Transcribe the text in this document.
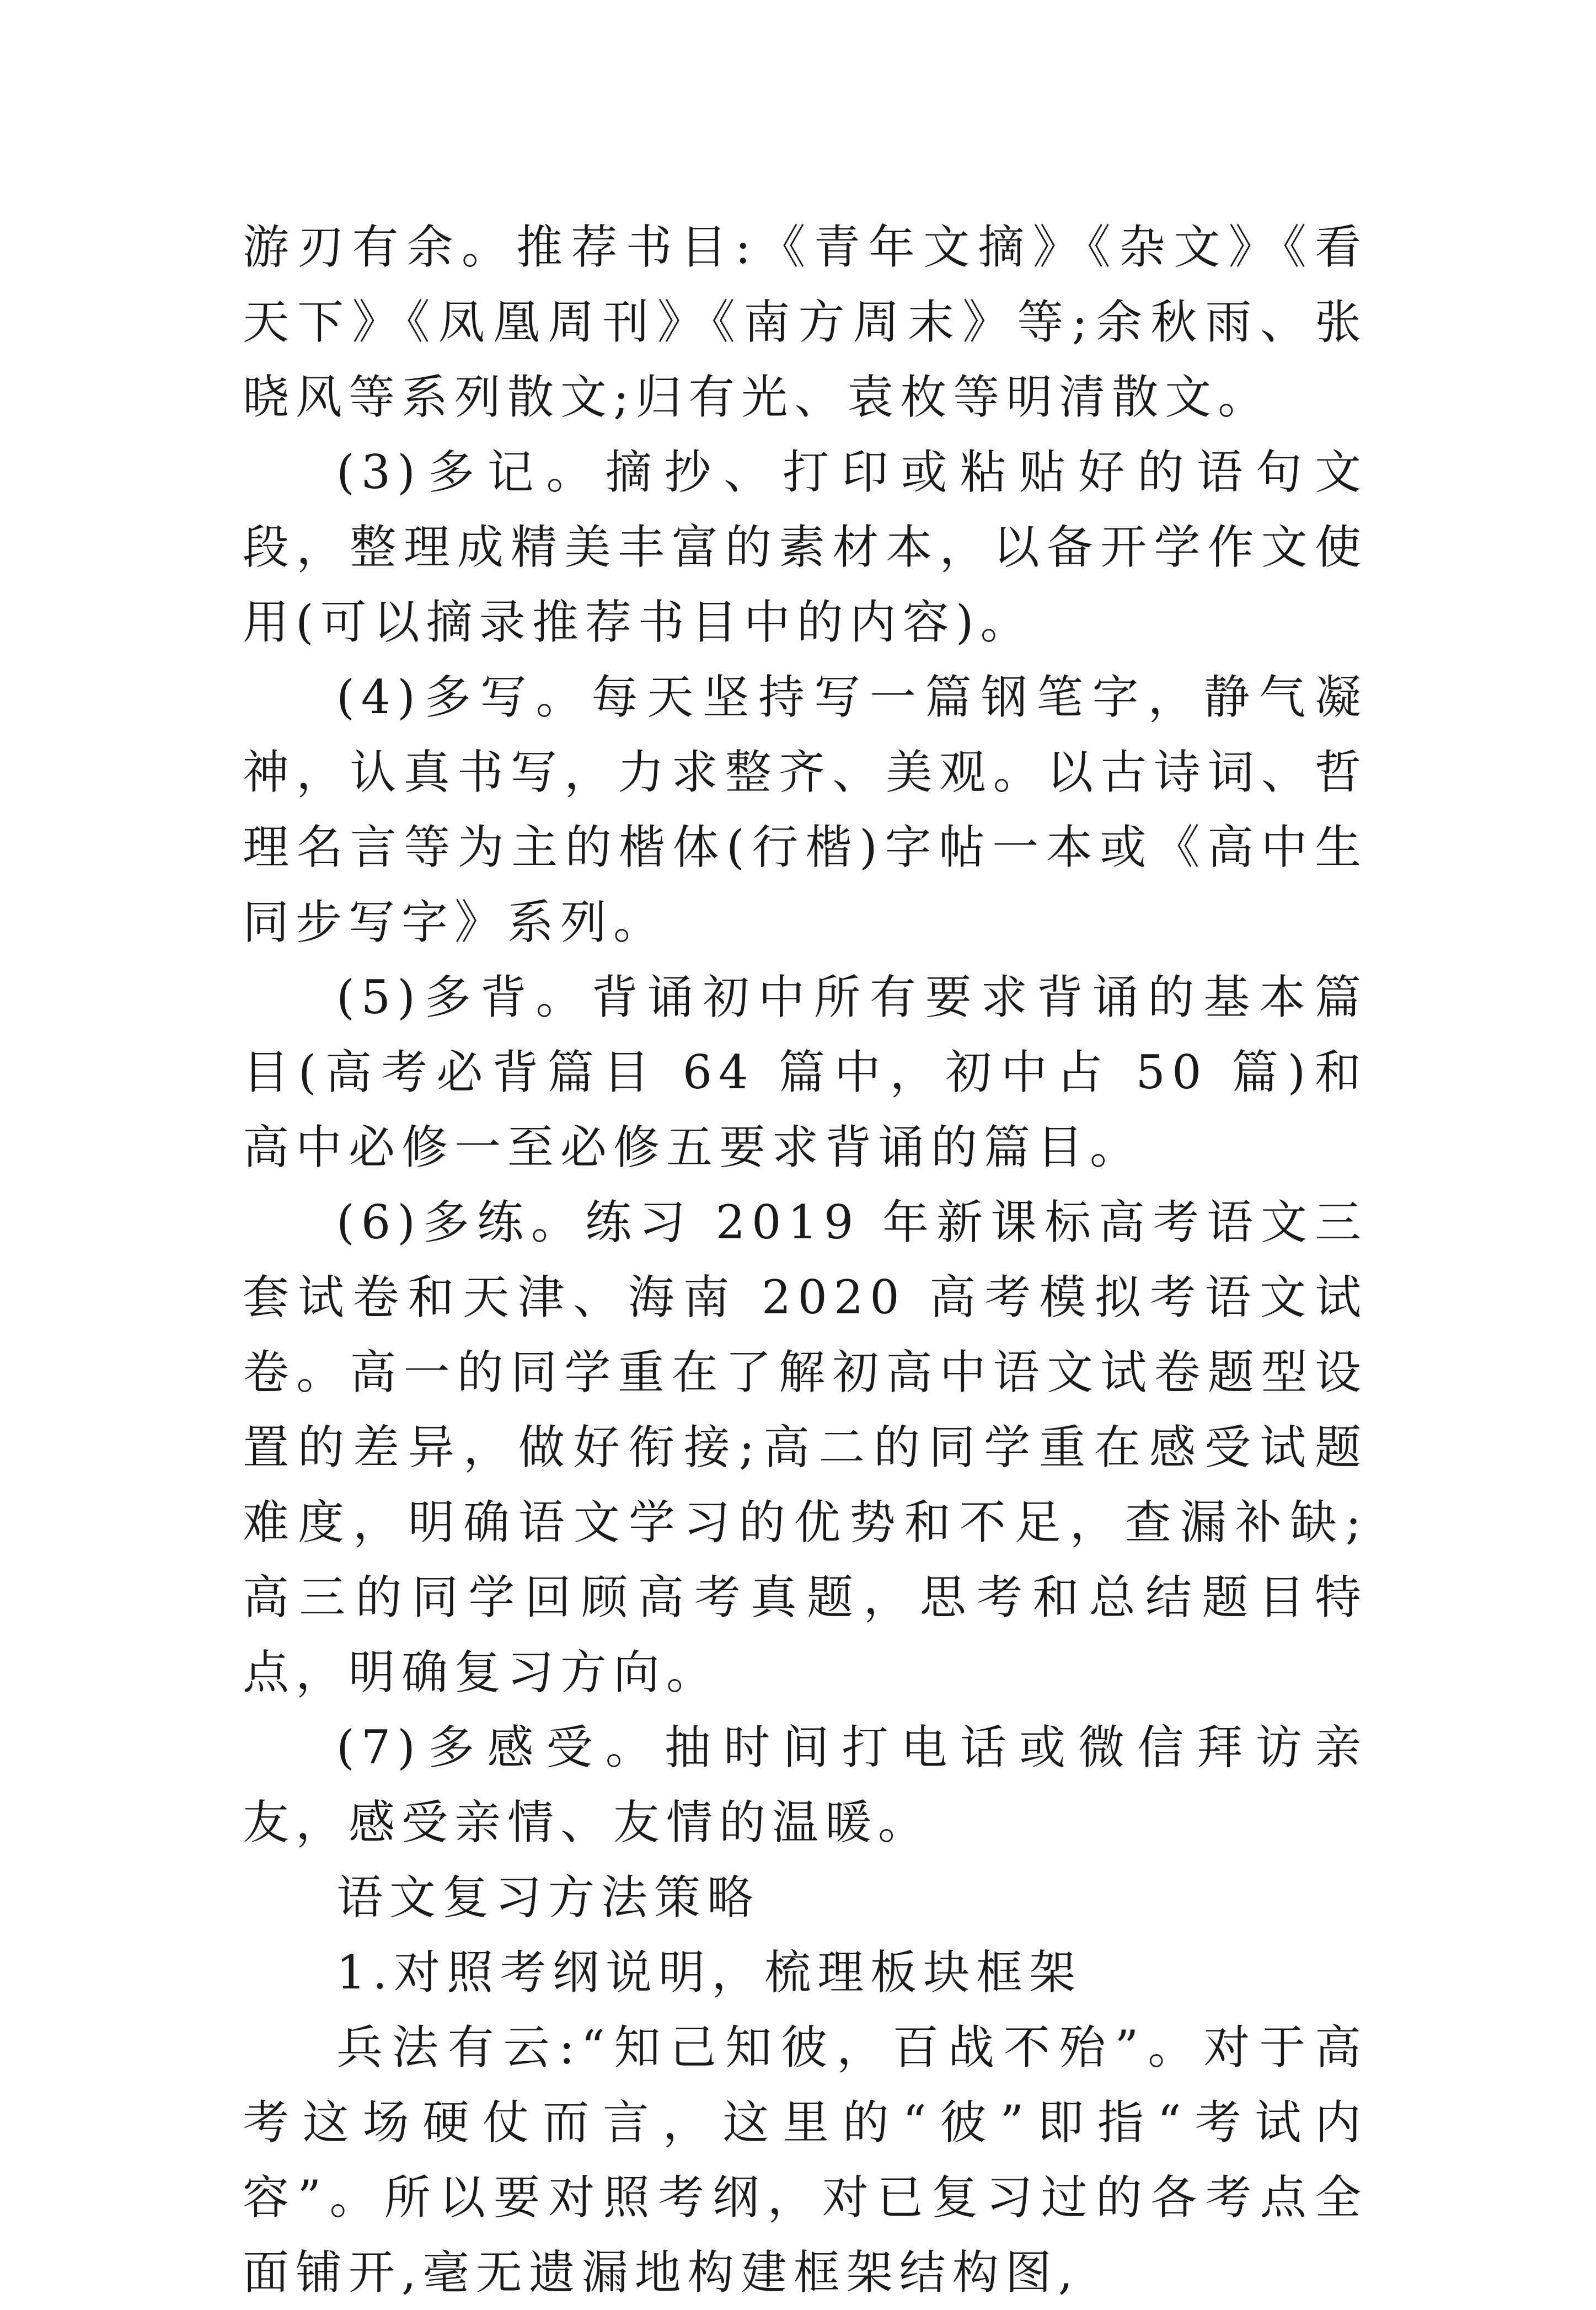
游刃有余。推荐书目:《青年文摘》《杂文》《看天下》《凤凰周刊》《南方周末》等;余秋雨、张晓风等系列散文;归有光、袁枚等明清散文。

(3)多记。摘抄、打印或粘贴好的语句文段，整理成精美丰富的素材本，以备开学作文使用(可以摘录推荐书目中的内容)。

(4)多写。每天坚持写一篇钢笔字，静气凝神，认真书写，力求整齐、美观。以古诗词、哲理名言等为主的楷体(行楷)字帖一本或《高中生同步写字》系列。

(5)多背。背诵初中所有要求背诵的基本篇目(高考必背篇目 64 篇中，初中占 50 篇)和高中必修一至必修五要求背诵的篇目。

(6)多练。练习 2019 年新课标高考语文三套试卷和天津、海南 2020 高考模拟考语文试卷。高一的同学重在了解初高中语文试卷题型设置的差异，做好衔接;高二的同学重在感受试题难度，明确语文学习的优势和不足，查漏补缺;高三的同学回顾高考真题，思考和总结题目特点，明确复习方向。

(7)多感受。抽时间打电话或微信拜访亲友，感受亲情、友情的温暖。

语文复习方法策略

1.对照考纲说明，梳理板块框架

兵法有云:“知己知彼，百战不殆”。对于高考这场硬仗而言，这里的“彼”即指“考试内容”。所以要对照考纲，对已复习过的各考点全面铺开,毫无遗漏地构建框架结构图,
